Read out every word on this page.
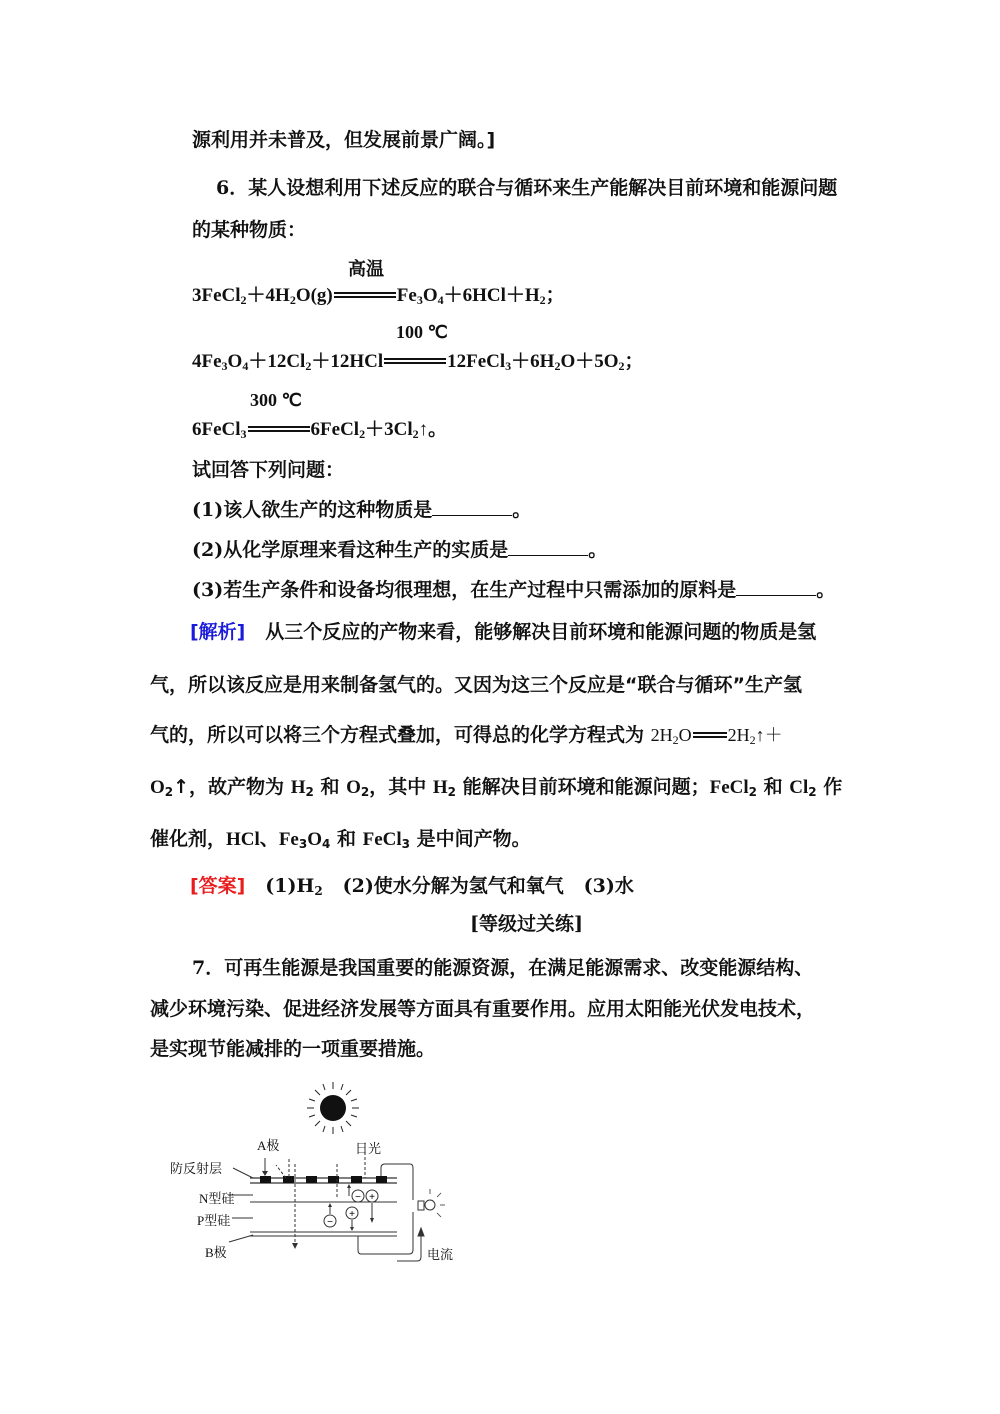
源利用并未普及，但发展前景广阔。]
6．某人设想利用下述反应的联合与循环来生产能解决目前环境和能源问题
的某种物质：
高温
$3FeCl_2+4H_2O(g)$	$Fe_3O_4+6HCl+H_2$；
100 ℃
$4Fe_3O_4+12Cl_2+12HCl$	$12FeCl_3+6H_2O+5O_2$；
300 ℃
6FeCl$_3$	$6FeCl_2+3Cl_2↑$。
试回答下列问题：
(1)该人欲生产的这种物质是	。
(2)从化学原理来看这种生产的实质是	。
(3)若生产条件和设备均很理想，在生产过程中只需添加的原料是	。
[解析] 从三个反应的产物来看，能够解决目前环境和能源问题的物质是氢
气，所以该反应是用来制备氢气的。又因为这三个反应是“联合与循环”生产氢
气的，所以可以将三个方程式叠加，可得总的化学方程式为 $2H_2O$ $2H_2↑+$
$O_2↑$，故产物为 $H_2$ 和 $O_2$，其中 $H_2$ 能解决目前环境和能源问题；FeCl$_2$ 和 $Cl_2$ 作
催化剂，HCl、$Fe_3O_4$ 和 FeCl$_3$ 是中间产物。
[答案] $(1)H_2$ (2)使水分解为氢气和氧气 (3)水
[等级过关练]
7．可再生能源是我国重要的能源资源，在满足能源需求、改变能源结构、
减少环境污染、促进经济发展等方面具有重要作用。应用太阳能光伏发电技术，
是实现节能减排的一项重要措施。
− +
−
+
A极	日光
防反射层
N型硅
P型硅
B极	电流
